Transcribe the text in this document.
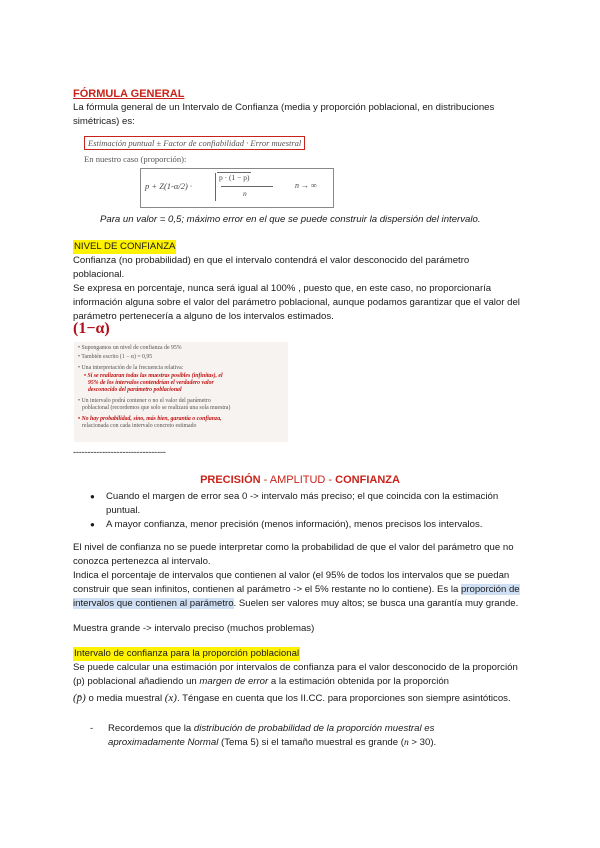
FÓRMULA GENERAL
La fórmula general de un Intervalo de Confianza (media y proporción poblacional, en distribuciones simétricas) es:
Estimación puntual ± Factor de confiabilidad · Error muestral
En nuestro caso (proporción):
p + Z(1-α/2) ·
p · (1 − p)
n
n → ∞
Para un valor = 0,5; máximo error en el que se puede construir la dispersión del intervalo.
NIVEL DE CONFIANZA
Confianza (no probabilidad) en que el intervalo contendrá el valor desconocido del parámetro poblacional.
Se expresa en porcentaje, nunca será igual al 100% , puesto que, en este caso, no proporcionaría información alguna sobre el valor del parámetro poblacional, aunque podamos garantizar que el valor del parámetro pertenecería a alguno de los intervalos estimados.
(1−α)
• Supongamos un nivel de confianza de 95%
• También escrito (1 − α) = 0,95
• Una interpretación de la frecuencia relativa:
• Si se realizaran todas las muestras posibles (infinitas), el
95% de los intervalos contendrían el verdadero valor
desconocido del parámetro poblacional
• Un intervalo podrá contener o no el valor del parámetro
poblacional (recordemos que solo se realizará una sola muestra)
• No hay probabilidad, sino, más bien, garantía o confianza,
relacionada con cada intervalo concreto estimado
--------------------------------
PRECISIÓN - AMPLITUD - CONFIANZA
● Cuando el margen de error sea 0 -> intervalo más preciso; el que coincida con la estimación puntual.
● A mayor confianza, menor precisión (menos información), menos precisos los intervalos.
El nivel de confianza no se puede interpretar como la probabilidad de que el valor del parámetro que no conozca pertenezca al intervalo.
Indica el porcentaje de intervalos que contienen al valor (el 95% de todos los intervalos que se puedan construir que sean infinitos, contienen al parámetro -> el 5% restante no lo contiene). Es la proporción de intervalos que contienen al parámetro. Suelen ser valores muy altos; se busca una garantía muy grande.
Muestra grande -> intervalo preciso (muchos problemas)
Intervalo de confianza para la proporción poblacional
Se puede calcular una estimación por intervalos de confianza para el valor desconocido de la proporción (p) poblacional añadiendo un margen de error a la estimación obtenida por la proporción
(p̄) o media muestral (x). Téngase en cuenta que los II.CC. para proporciones son siempre asintóticos.
-	Recordemos que la distribución de probabilidad de la proporción muestral es aproximadamente Normal (Tema 5) si el tamaño muestral es grande (n > 30).
